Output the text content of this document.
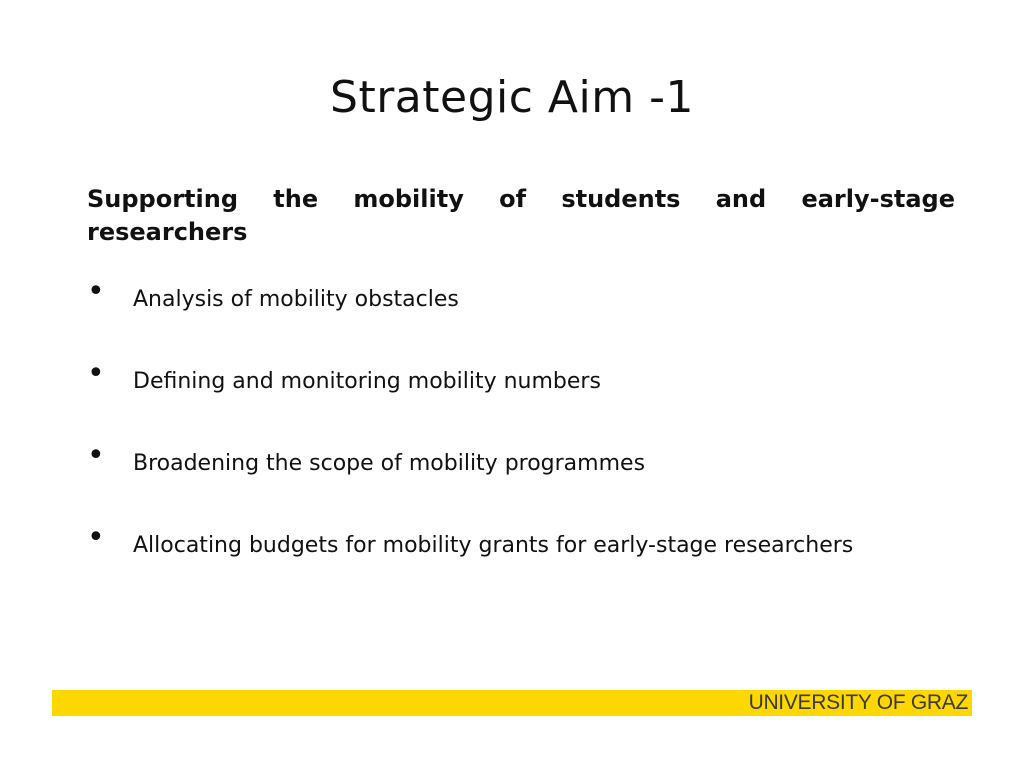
Strategic Aim -1

Supporting the mobility of students and early-stage researchers

• Analysis of mobility obstacles
• Defining and monitoring mobility numbers
• Broadening the scope of mobility programmes
• Allocating budgets for mobility grants for early-stage researchers
UNIVERSITY OF GRAZ
